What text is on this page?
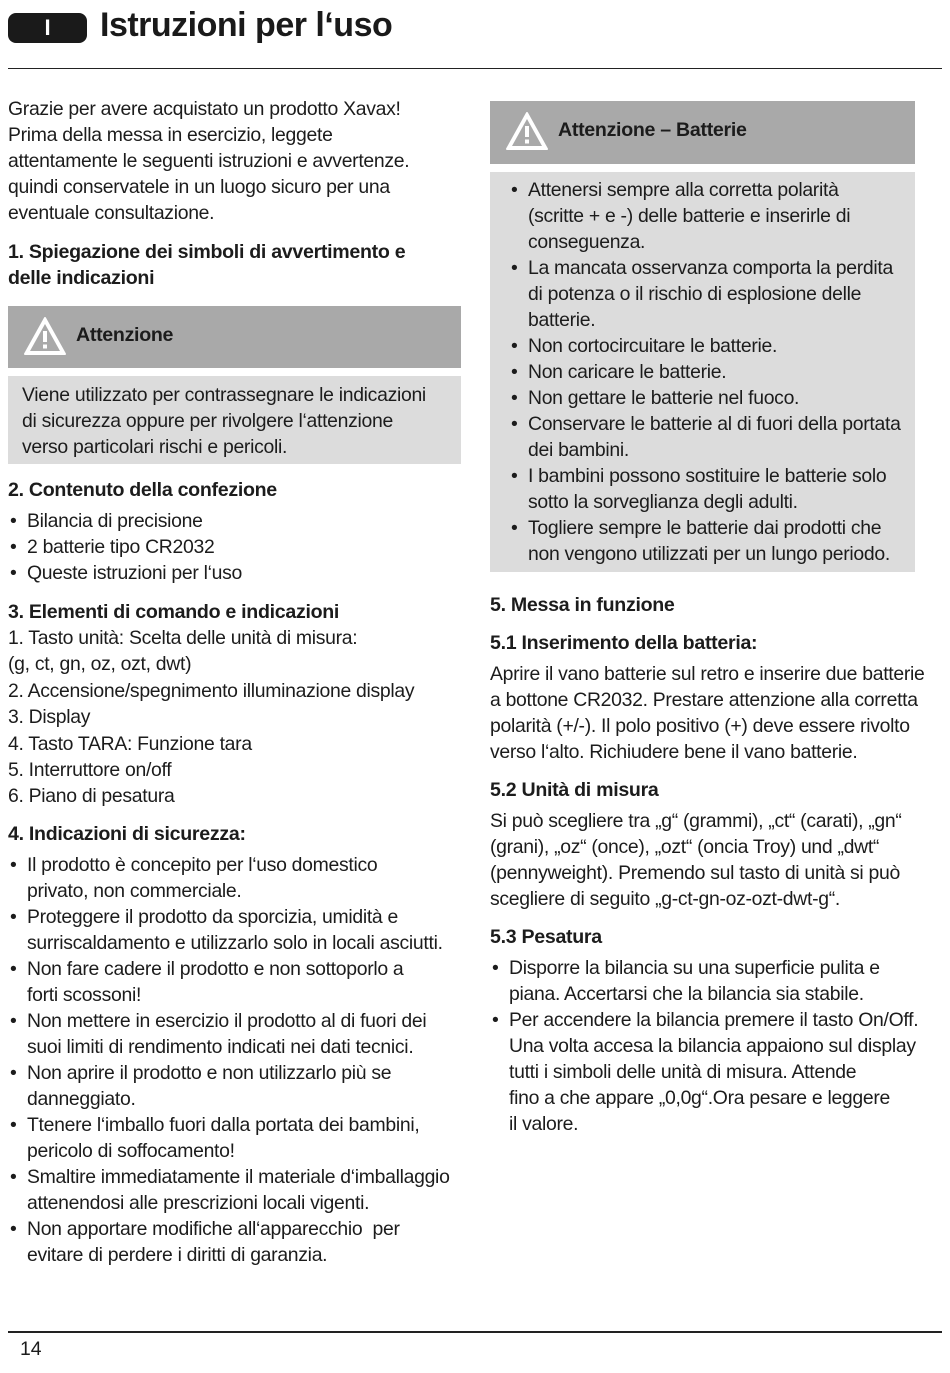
I	Istruzioni per l‘uso

Grazie per avere acquistato un prodotto Xavax!

Prima della messa in esercizio, leggete

attentamente le seguenti istruzioni e avvertenze.

quindi conservatele in un luogo sicuro per una

eventuale consultazione.

1. Spiegazione dei simboli di avvertimento e
delle indicazioni
Attenzione

Viene utilizzato per contrassegnare le indicazioni

di sicurezza oppure per rivolgere l‘attenzione

verso particolari rischi e pericoli.

2. Contenuto della confezione
• Bilancia di precisione
• 2 batterie tipo CR2032
• Queste istruzioni per l‘uso
3. Elementi di comando e indicazioni
1. Tasto unità: Scelta delle unità di misura:
(g, ct, gn, oz, ozt, dwt)
2. Accensione/spegnimento illuminazione display
3. Display
4. Tasto TARA: Funzione tara
5. Interruttore on/off
6. Piano di pesatura
4. Indicazioni di sicurezza:
• Il prodotto è concepito per l‘uso domestico
privato, non commerciale.
• Proteggere il prodotto da sporcizia, umidità e
surriscaldamento e utilizzarlo solo in locali asciutti.
• Non fare cadere il prodotto e non sottoporlo a
forti scossoni!
• Non mettere in esercizio il prodotto al di fuori dei
suoi limiti di rendimento indicati nei dati tecnici.
• Non aprire il prodotto e non utilizzarlo più se
danneggiato.
• Ttenere l‘imballo fuori dalla portata dei bambini,
pericolo di soffocamento!
• Smaltire immediatamente il materiale d‘imballaggio
attenendosi alle prescrizioni locali vigenti.
• Non apportare modifiche all‘apparecchio  per
evitare di perdere i diritti di garanzia.
Attenzione – Batterie
• Attenersi sempre alla corretta polarità
(scritte + e -) delle batterie e inserirle di
conseguenza.
• La mancata osservanza comporta la perdita
di potenza o il rischio di esplosione delle
batterie.
• Non cortocircuitare le batterie.
• Non caricare le batterie.
• Non gettare le batterie nel fuoco.
• Conservare le batterie al di fuori della portata
dei bambini.
• I bambini possono sostituire le batterie solo
sotto la sorveglianza degli adulti.
• Togliere sempre le batterie dai prodotti che
non vengono utilizzati per un lungo periodo.
5. Messa in funzione
5.1 Inserimento della batteria:

Aprire il vano batterie sul retro e inserire due batterie

a bottone CR2032. Prestare attenzione alla corretta

polarità (+/-). Il polo positivo (+) deve essere rivolto

verso l‘alto. Richiudere bene il vano batterie.

5.2 Unità di misura

Si può scegliere tra „g“ (grammi), „ct“ (carati), „gn“

(grani), „oz“ (once), „ozt“ (oncia Troy) und „dwt“

(pennyweight). Premendo sul tasto di unità si può

scegliere di seguito „g-ct-gn-oz-ozt-dwt-g“.

5.3 Pesatura
• Disporre la bilancia su una superficie pulita e
piana. Accertarsi che la bilancia sia stabile.
• Per accendere la bilancia premere il tasto On/Off.
Una volta accesa la bilancia appaiono sul display
tutti i simboli delle unità di misura. Attende
fino a che appare „0,0g“.Ora pesare e leggere
il valore.
14
